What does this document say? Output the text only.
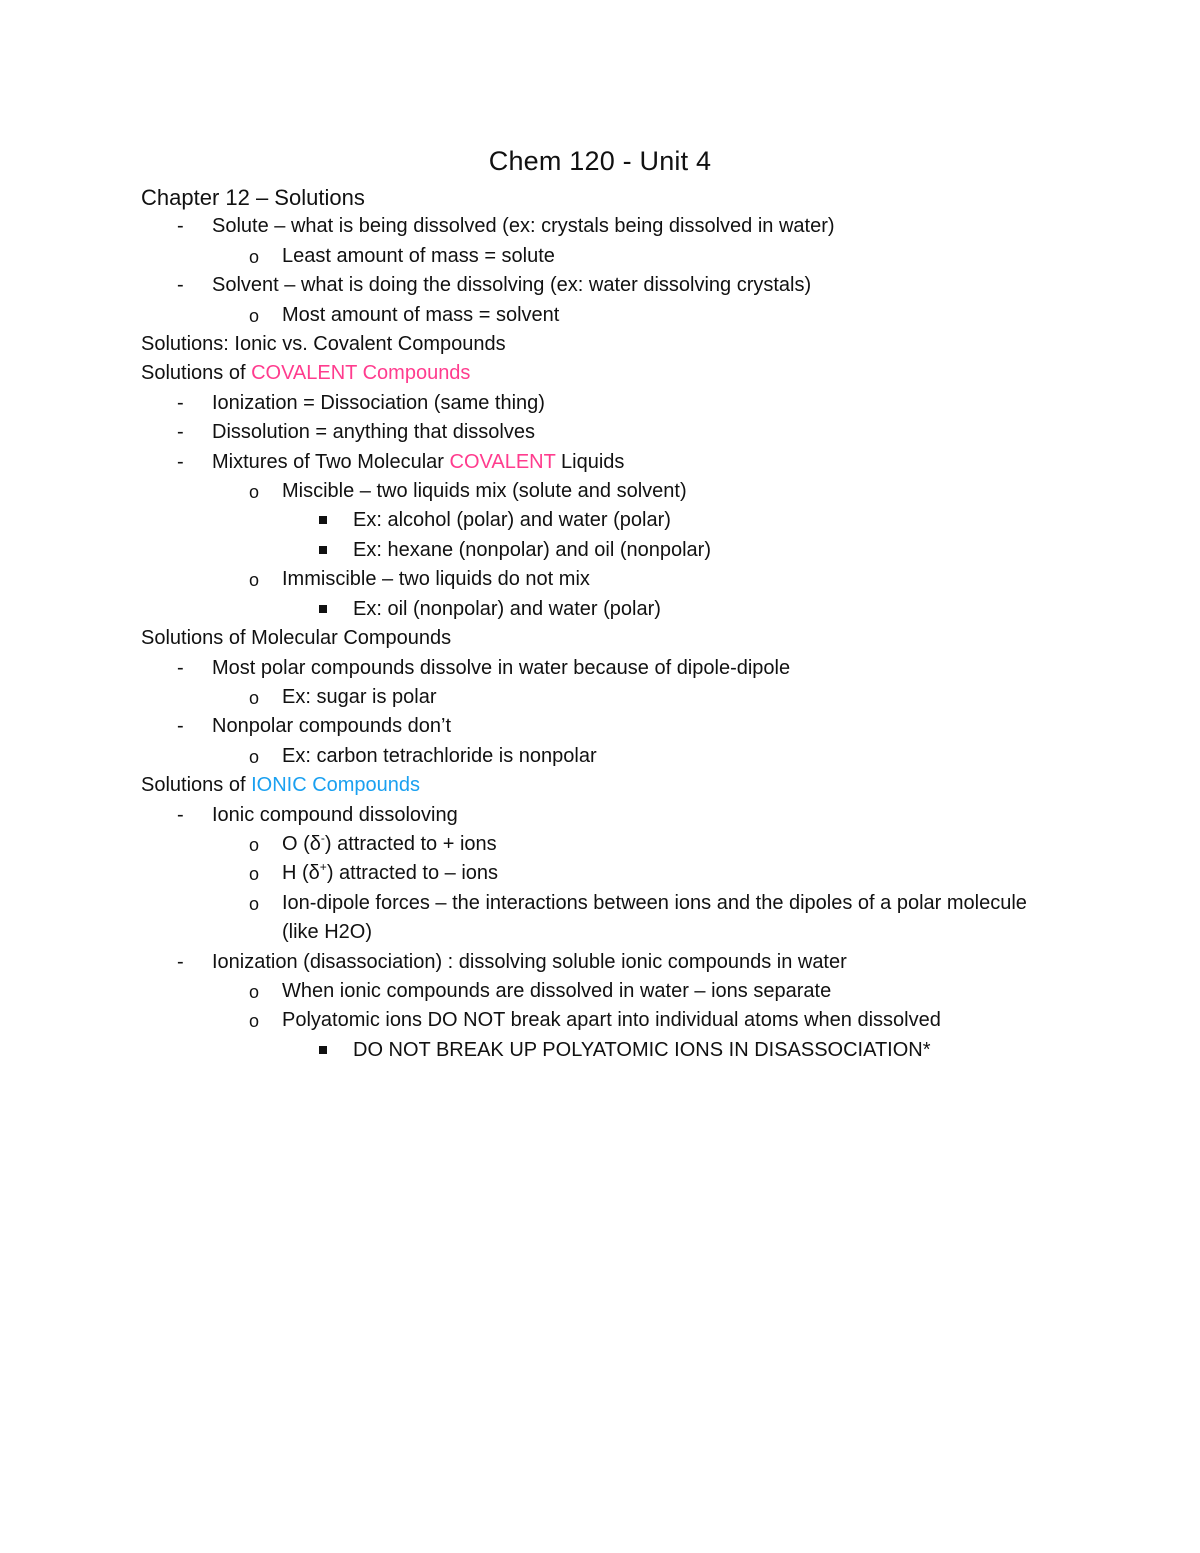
Chem 120 - Unit 4
Chapter 12 – Solutions
- Solute – what is being dissolved (ex: crystals being dissolved in water)
o Least amount of mass = solute
- Solvent – what is doing the dissolving (ex: water dissolving crystals)
o Most amount of mass = solvent
Solutions: Ionic vs. Covalent Compounds
Solutions of COVALENT Compounds
- Ionization = Dissociation (same thing)
- Dissolution = anything that dissolves
- Mixtures of Two Molecular COVALENT Liquids
o Miscible – two liquids mix (solute and solvent)
Ex: alcohol (polar) and water (polar)
Ex: hexane (nonpolar) and oil (nonpolar)
o Immiscible – two liquids do not mix
Ex: oil (nonpolar) and water (polar)
Solutions of Molecular Compounds
- Most polar compounds dissolve in water because of dipole-dipole
o Ex: sugar is polar
- Nonpolar compounds don’t
o Ex: carbon tetrachloride is nonpolar
Solutions of IONIC Compounds
- Ionic compound dissoloving
o O (δ-) attracted to + ions
o H (δ+) attracted to – ions
o Ion-dipole forces – the interactions between ions and the dipoles of a polar molecule (like H2O)
- Ionization (disassociation) : dissolving soluble ionic compounds in water
o When ionic compounds are dissolved in water – ions separate
o Polyatomic ions DO NOT break apart into individual atoms when dissolved
DO NOT BREAK UP POLYATOMIC IONS IN DISASSOCIATION*
